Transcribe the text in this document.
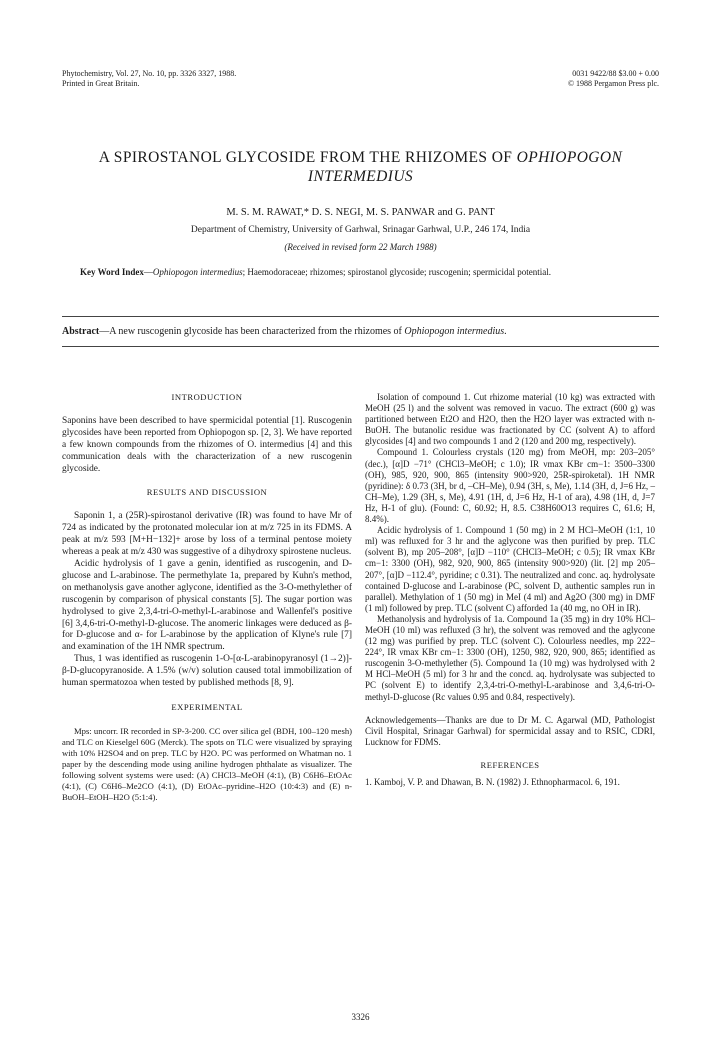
Phytochemistry, Vol. 27, No. 10, pp. 3326 3327, 1988.
Printed in Great Britain.
0031 9422/88 $3.00 + 0.00
© 1988 Pergamon Press plc.
A SPIROSTANOL GLYCOSIDE FROM THE RHIZOMES OF OPHIOPOGON
INTERMEDIUS
M. S. M. RAWAT,* D. S. NEGI, M. S. PANWAR and G. PANT
Department of Chemistry, University of Garhwal, Srinagar Garhwal, U.P., 246 174, India
(Received in revised form 22 March 1988)
Key Word Index—Ophiopogon intermedius; Haemodoraceae; rhizomes; spirostanol glycoside; ruscogenin; spermicidal potential.
Abstract—A new ruscogenin glycoside has been characterized from the rhizomes of Ophiopogon intermedius.
INTRODUCTION

Saponins have been described to have spermicidal potential [1]. Ruscogenin glycosides have been reported from Ophiopogon sp. [2, 3]. We have reported a few known compounds from the rhizomes of O. intermedius [4] and this communication deals with the characterization of a new ruscogenin glycoside.

RESULTS AND DISCUSSION

Saponin 1, a (25R)-spirostanol derivative (IR) was found to have Mr of 724 as indicated by the protonated molecular ion at m/z 725 in its FDMS. A peak at m/z 593 [M+H−132]+ arose by loss of a terminal pentose moiety whereas a peak at m/z 430 was suggestive of a dihydroxy spirostene nucleus.

Acidic hydrolysis of 1 gave a genin, identified as ruscogenin, and D-glucose and L-arabinose. The permethylate 1a, prepared by Kuhn's method, on methanolysis gave another aglycone, identified as the 3-O-methylether of ruscogenin by comparison of physical constants [5]. The sugar portion was hydrolysed to give 2,3,4-tri-O-methyl-L-arabinose and Wallenfel's positive [6] 3,4,6-tri-O-methyl-D-glucose. The anomeric linkages were deduced as β- for D-glucose and α- for L-arabinose by the application of Klyne's rule [7] and examination of the 1H NMR spectrum.

Thus, 1 was identified as ruscogenin 1-O-[α-L-arabinopyranosyl (1→2)]-β-D-glucopyranoside. A 1.5% (w/v) solution caused total immobilization of human spermatozoa when tested by published methods [8, 9].

EXPERIMENTAL

Mps: uncorr. IR recorded in SP-3-200. CC over silica gel (BDH, 100–120 mesh) and TLC on Kieselgel 60G (Merck). The spots on TLC were visualized by spraying with 10% H2SO4 and on prep. TLC by H2O. PC was performed on Whatman no. 1 paper by the descending mode using aniline hydrogen phthalate as visualizer. The following solvent systems were used: (A) CHCl3–MeOH (4:1), (B) C6H6–EtOAc (4:1), (C) C6H6–Me2CO (4:1), (D) EtOAc–pyridine–H2O (10:4:3) and (E) n-BuOH–EtOH–H2O (5:1:4).

Isolation of compound 1. Cut rhizome material (10 kg) was extracted with MeOH (25 l) and the solvent was removed in vacuo. The extract (600 g) was partitioned between Et2O and H2O, then the H2O layer was extracted with n-BuOH. The butanolic residue was fractionated by CC (solvent A) to afford glycosides [4] and two compounds 1 and 2 (120 and 200 mg, respectively).

Compound 1. Colourless crystals (120 mg) from MeOH, mp: 203–205° (dec.), [α]D −71° (CHCl3–MeOH; c 1.0); IR νmax KBr cm−1: 3500–3300 (OH), 985, 920, 900, 865 (intensity 900>920, 25R-spiroketal). 1H NMR (pyridine): δ 0.73 (3H, br d, –CH–Me), 0.94 (3H, s, Me), 1.14 (3H, d, J=6 Hz, –CH–Me), 1.29 (3H, s, Me), 4.91 (1H, d, J=6 Hz, H-1 of ara), 4.98 (1H, d, J=7 Hz, H-1 of glu). (Found: C, 60.92; H, 8.5. C38H60O13 requires C, 61.6; H, 8.4%).

Acidic hydrolysis of 1. Compound 1 (50 mg) in 2 M HCl–MeOH (1:1, 10 ml) was refluxed for 3 hr and the aglycone was then purified by prep. TLC (solvent B), mp 205–208°, [α]D −110° (CHCl3–MeOH; c 0.5); IR νmax KBr cm−1: 3300 (OH), 982, 920, 900, 865 (intensity 900>920) (lit. [2] mp 205–207°, [α]D −112.4°, pyridine; c 0.31). The neutralized and conc. aq. hydrolysate contained D-glucose and L-arabinose (PC, solvent D, authentic samples run in parallel). Methylation of 1 (50 mg) in MeI (4 ml) and Ag2O (300 mg) in DMF (1 ml) followed by prep. TLC (solvent C) afforded 1a (40 mg, no OH in IR).

Methanolysis and hydrolysis of 1a. Compound 1a (35 mg) in dry 10% HCl–MeOH (10 ml) was refluxed (3 hr), the solvent was removed and the aglycone (12 mg) was purified by prep. TLC (solvent C). Colourless needles, mp 222–224°, IR νmax KBr cm−1: 3300 (OH), 1250, 982, 920, 900, 865; identified as ruscogenin 3-O-methylether (5). Compound 1a (10 mg) was hydrolysed with 2 M HCl–MeOH (5 ml) for 3 hr and the concd. aq. hydrolysate was subjected to PC (solvent E) to identify 2,3,4-tri-O-methyl-L-arabinose and 3,4,6-tri-O-methyl-D-glucose (Rc values 0.95 and 0.84, respectively).

Acknowledgements—Thanks are due to Dr M. C. Agarwal (MD, Pathologist Civil Hospital, Srinagar Garhwal) for spermicidal assay and to RSIC, CDRI, Lucknow for FDMS.

REFERENCES

1. Kamboj, V. P. and Dhawan, B. N. (1982) J. Ethnopharmacol. 6, 191.

3326
